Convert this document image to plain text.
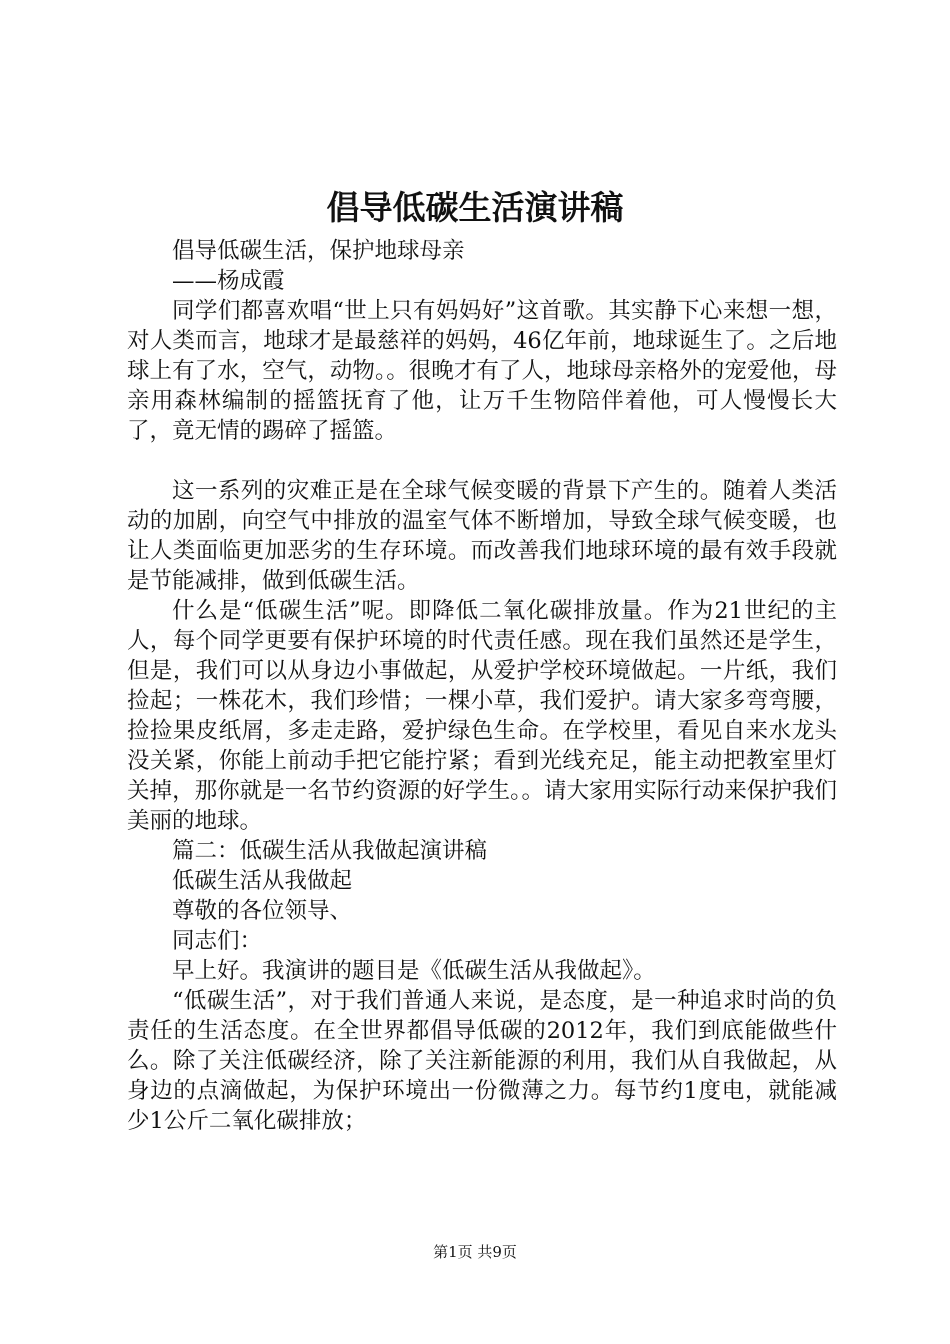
倡导低碳生活演讲稿

倡导低碳生活，保护地球母亲

——杨成霞

同学们都喜欢唱“世上只有妈妈好”这首歌。其实静下心来想一想，对人类而言，地球才是最慈祥的妈妈，46亿年前，地球诞生了。之后地球上有了水，空气，动物。。很晚才有了人，地球母亲格外的宠爱他，母亲用森林编制的摇篮抚育了他，让万千生物陪伴着他，可人慢慢长大了，竟无情的踢碎了摇篮。

这一系列的灾难正是在全球气候变暖的背景下产生的。随着人类活动的加剧，向空气中排放的温室气体不断增加，导致全球气候变暖，也让人类面临更加恶劣的生存环境。而改善我们地球环境的最有效手段就是节能减排，做到低碳生活。

什么是“低碳生活”呢。即降低二氧化碳排放量。作为21世纪的主人，每个同学更要有保护环境的时代责任感。现在我们虽然还是学生，但是，我们可以从身边小事做起，从爱护学校环境做起。一片纸，我们捡起；一株花木，我们珍惜；一棵小草，我们爱护。请大家多弯弯腰，捡捡果皮纸屑，多走走路，爱护绿色生命。在学校里，看见自来水龙头没关紧，你能上前动手把它能拧紧；看到光线充足，能主动把教室里灯关掉，那你就是一名节约资源的好学生。。请大家用实际行动来保护我们美丽的地球。

篇二：低碳生活从我做起演讲稿

低碳生活从我做起

尊敬的各位领导、

同志们：

早上好。我演讲的题目是《低碳生活从我做起》。

“低碳生活”，对于我们普通人来说，是态度，是一种追求时尚的负责任的生活态度。在全世界都倡导低碳的2012年，我们到底能做些什么。除了关注低碳经济，除了关注新能源的利用，我们从自我做起，从身边的点滴做起，为保护环境出一份微薄之力。每节约1度电，就能减少1公斤二氧化碳排放；

第1页 共9页
